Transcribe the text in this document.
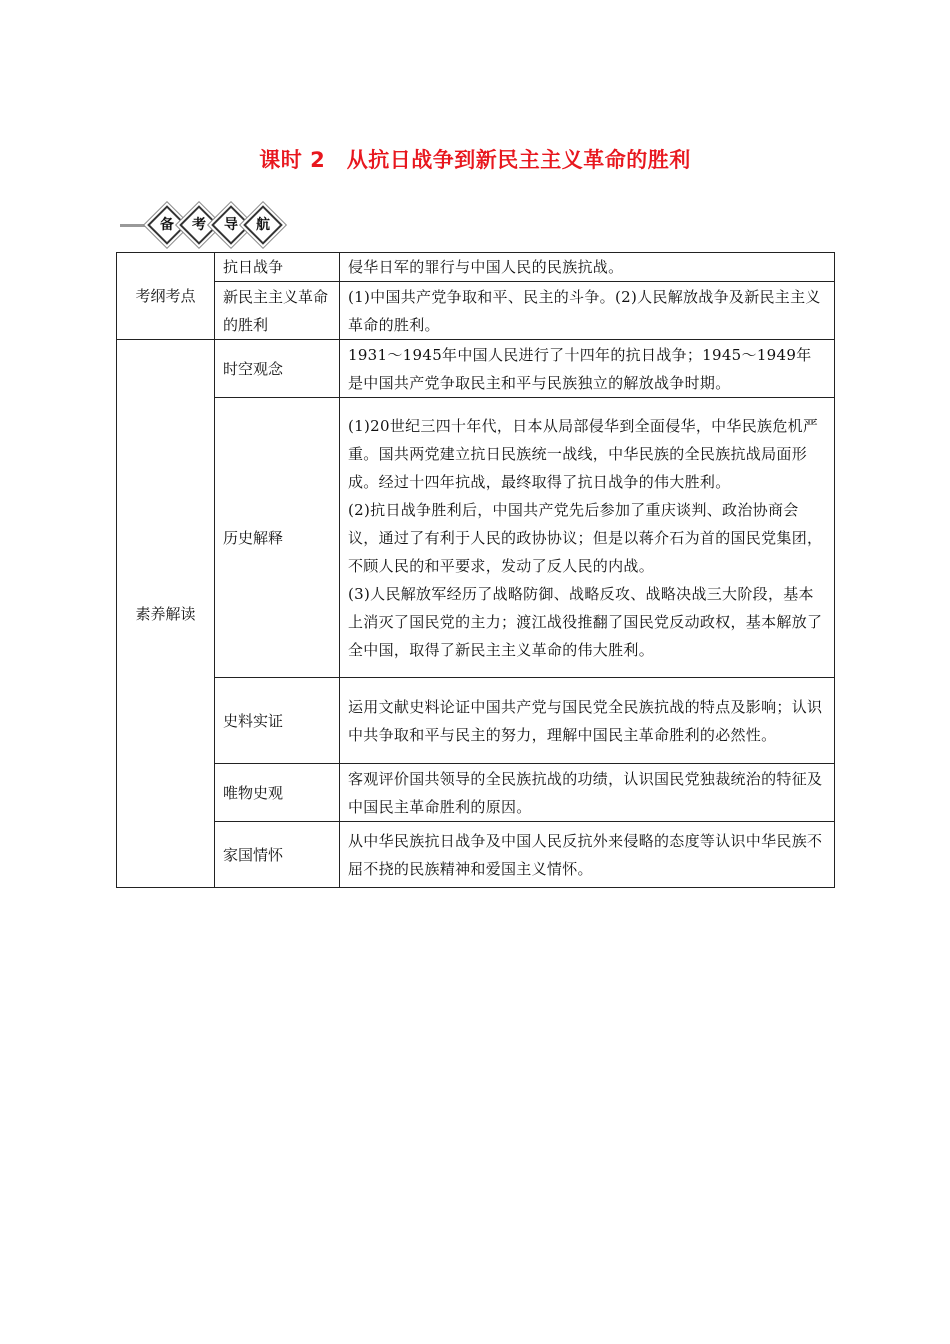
课时 2　从抗日战争到新民主主义革命的胜利
备 考 导 航
考纲考点	抗日战争	侵华日军的罪行与中国人民的民族抗战。

	新民主主义革命的胜利	(1)中国共产党争取和平、民主的斗争。(2)人民解放战争及新民主主义革命的胜利。

素养解读	时空观念	1931～1945年中国人民进行了十四年的抗日战争；1945～1949年是中国共产党争取民主和平与民族独立的解放战争时期。

	历史解释	(1)20世纪三四十年代，日本从局部侵华到全面侵华，中华民族危机严重。国共两党建立抗日民族统一战线，中华民族的全民族抗战局面形成。经过十四年抗战，最终取得了抗日战争的伟大胜利。

(2)抗日战争胜利后，中国共产党先后参加了重庆谈判、政治协商会议，通过了有利于人民的政协协议；但是以蒋介石为首的国民党集团，不顾人民的和平要求，发动了反人民的内战。

(3)人民解放军经历了战略防御、战略反攻、战略决战三大阶段，基本上消灭了国民党的主力；渡江战役推翻了国民党反动政权，基本解放了全中国，取得了新民主主义革命的伟大胜利。

	史料实证	运用文献史料论证中国共产党与国民党全民族抗战的特点及影响；认识中共争取和平与民主的努力，理解中国民主革命胜利的必然性。

	唯物史观	客观评价国共领导的全民族抗战的功绩，认识国民党独裁统治的特征及中国民主革命胜利的原因。

	家国情怀	从中华民族抗日战争及中国人民反抗外来侵略的态度等认识中华民族不屈不挠的民族精神和爱国主义情怀。
